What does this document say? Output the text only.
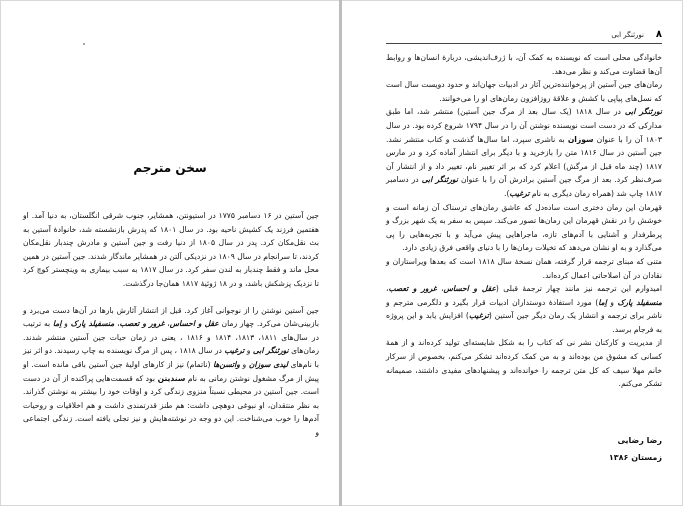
سخن مترجم

جین آستین در ۱۶ دسامبر ۱۷۷۵ در استیونتن، همشایر، جنوب شرقی انگلستان، به دنیا آمد. او هفتمین فرزند یک کشیش ناحیه بود. در سال ۱۸۰۱ که پدرش بازنشسته شد، خانوادهٔ آستین به بث نقل‌مکان کرد. پدر در سال ۱۸۰۵ از دنیا رفت و جین آستین و مادرش چندبار نقل‌مکان کردند، تا سرانجام در سال ۱۸۰۹ در نزدیکی آلتن در همشایر ماندگار شدند. جین آستین در همین محل ماند و فقط چندبار به لندن سفر کرد. در سال ۱۸۱۷ به سبب بیماری به وینچستر کوچ کرد تا نزدیک پزشکش باشد، و در ۱۸ ژوئیهٔ ۱۸۱۷ همان‌جا درگذشت.

جین آستین نوشتن را از نوجوانی آغاز کرد. قبل از انتشار آثارش بارها در آن‌ها دست می‌برد و بازبینی‌شان می‌کرد. چهار رمان عقل و احساس، غرور و تعصب، منسفیلد پارک و اِما به ترتیب در سال‌های ۱۸۱۱، ۱۸۱۳، ۱۸۱۴ و ۱۸۱۶ ، یعنی در زمان حیات جین آستین منتشر شدند. رمان‌های نورثنگر ابی و ترغیب در سال ۱۸۱۸ ، پس از مرگ نویسنده به چاپ رسیدند. دو اثر نیز با نام‌های لیدی سوزان و واتسن‌ها (ناتمام) نیز از کارهای اولیهٔ جین آستین باقی مانده است. او پیش از مرگ مشغول نوشتن رمانی به نام سندیتن بود که قسمت‌هایی پراکنده از آن در دست است. جین آستین در محیطی نسبتاً منزوی زندگی کرد و اوقات خود را بیشتر به نوشتن گذراند. به نظر منتقدان، او نبوغی دوهچی داشت: هم طنز قدرتمندی داشت و هم اخلاقیات و روحیات آدم‌ها را خوب می‌شناخت. این دو وجه در نوشته‌هایش و نیز تجلی یافته است. زندگی اجتماعی و

۸
نورثنگر ابی

خانوادگی محلی است که نویسنده به کمک آن، با ژرف‌اندیشی، دربارهٔ انسان‌ها و روابط آن‌ها قضاوت می‌کند و نظر می‌دهد.

رمان‌های جین آستین از پرخواننده‌ترین آثار در ادبیات جهان‌اند و حدود دویست سال است که نسل‌های پیاپی با کشش و علاقهٔ روزافزون رمان‌های او را می‌خوانند.

نورثنگر ابی در سال ۱۸۱۸ (یک سال بعد از مرگ جین آستین) منتشر شد، اما طبق مدارکی که در دست است نویسنده نوشتن آن را در سال ۱۷۹۴ شروع کرده بود. در سال ۱۸۰۳ آن را با عنوان سوزان به ناشری سپرد، اما سال‌ها گذشت و کتاب منتشر نشد. جین آستین در سال ۱۸۱۶ متن را بازخرید و با دیگر برای انتشار آماده کرد و در مارس ۱۸۱۷ (چند ماه قبل از مرگش) اعلام کرد که بر اثر تغییر نام، تغییر داد و از انتشار آن صرف‌نظر کرد. بعد از مرگ جین آستین برادرش آن را با عنوان نورثنگر ابی در دسامبر ۱۸۱۷ چاپ شد (همراه رمان دیگری به نام ترغیب).

قهرمان این رمان دختری است ساده‌دل که عاشق رمان‌های ترسناک آن زمانه است و خوشش را در نقش قهرمان این رمان‌ها تصور می‌کند. سپس به سفر به یک شهر بزرگ و پرطرفدار و آشنایی با آدم‌های تازه، ماجراهایی پیش می‌آید و با تجربه‌هایی را پی می‌گذارد و به او نشان می‌دهد که تخیلات رمان‌ها را با دنیای واقعی فرق زیادی دارد.

متنی که مبنای ترجمه قرار گرفته، همان نسخهٔ سال ۱۸۱۸ است که بعدها ویراستاران و نقادان در آن اصلاحاتی اعمال کرده‌اند.

امیدوارم این ترجمه نیز مانند چهار ترجمهٔ قبلی (عقل و احساس، غرور و تعصب، منسفیلد پارک و اِما) مورد استفادهٔ دوستداران ادبیات قرار بگیرد و دلگرمی مترجم و ناشر برای ترجمه و انتشار یک رمان دیگر جین آستین (ترغیب) افزایش یابد و این پروژه به فرجام برسد.

از مدیریت و کارکنان نشر نی که کتاب را به شکل شایسته‌ای تولید کرده‌اند و از همهٔ کسانی که مشوق من بوده‌اند و به من کمک کرده‌اند تشکر می‌کنم، بخصوص از سرکار خانم مهلا سیف که کل متن ترجمه را خوانده‌اند و پیشنهادهای مفیدی داشتند، صمیمانه تشکر می‌کنم.

رضا رضایی
زمستان ۱۳۸۶
